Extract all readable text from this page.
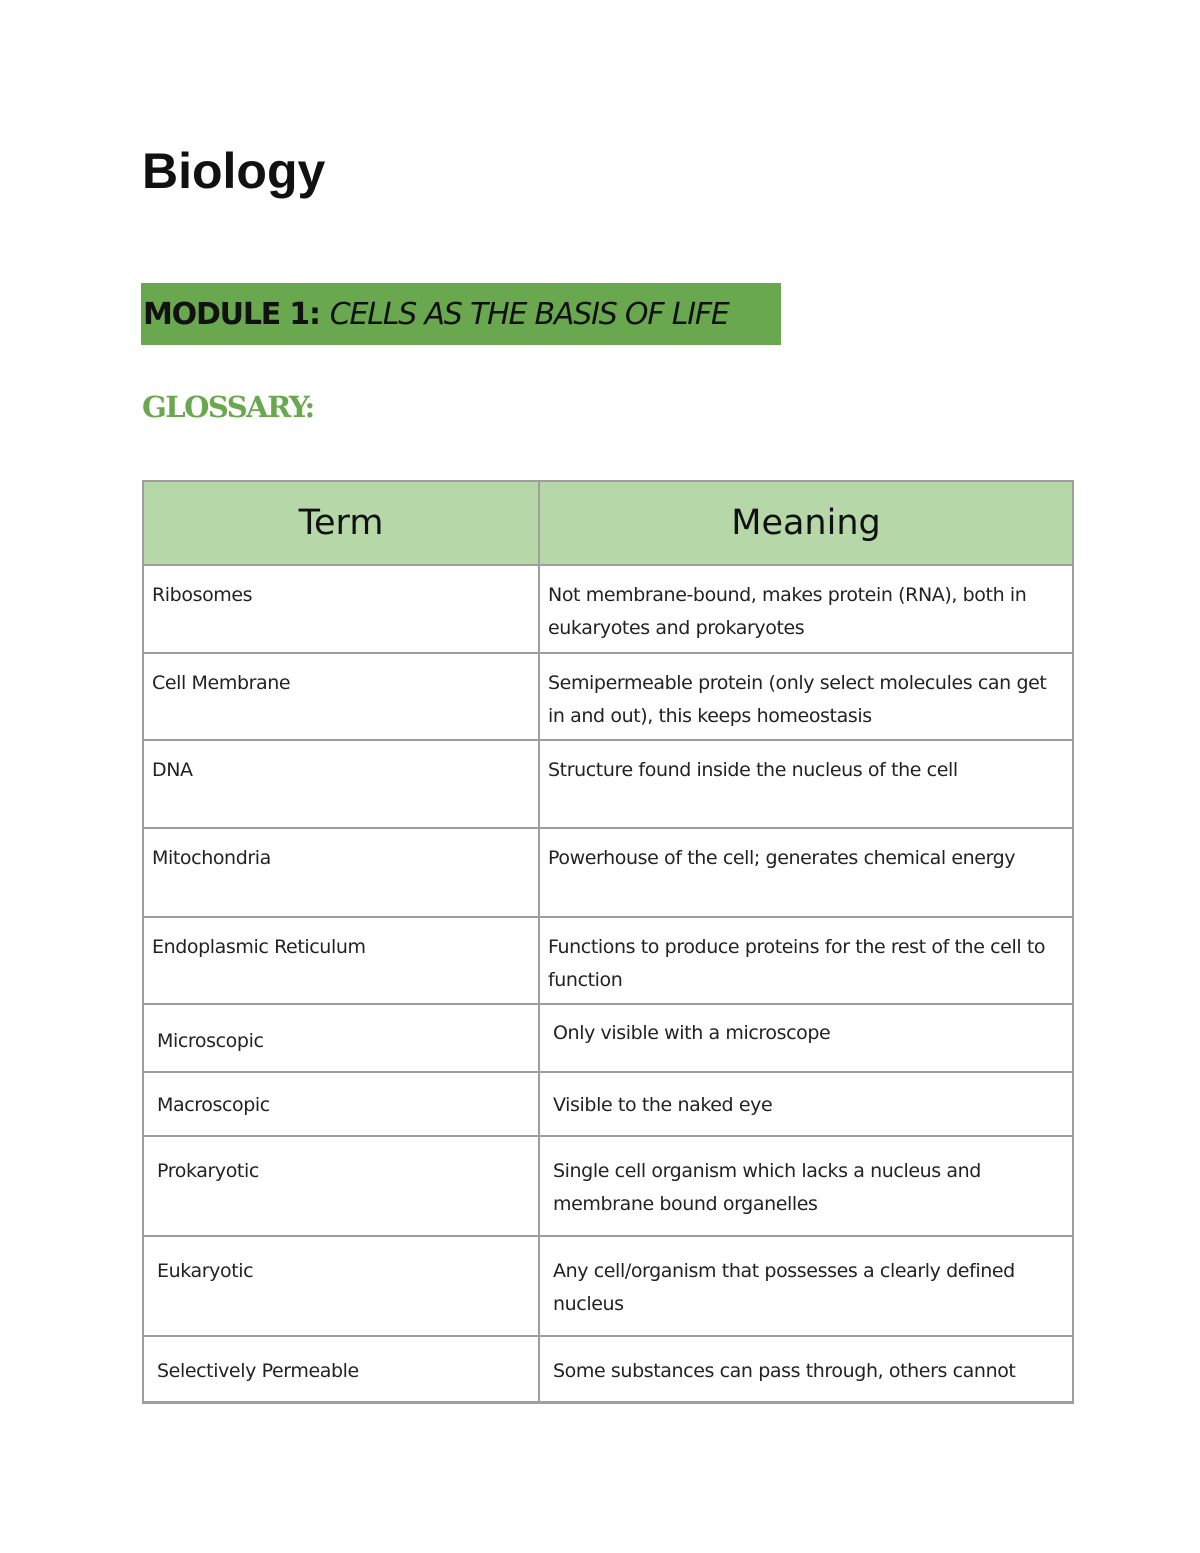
Biology
MODULE 1: CELLS AS THE BASIS OF LIFE
GLOSSARY:
Term	Meaning
Ribosomes	Not membrane-bound, makes protein (RNA), both in eukaryotes and prokaryotes
Cell Membrane	Semipermeable protein (only select molecules can get in and out), this keeps homeostasis
DNA	Structure found inside the nucleus of the cell
Mitochondria	Powerhouse of the cell; generates chemical energy
Endoplasmic Reticulum	Functions to produce proteins for the rest of the cell to function
Microscopic	Only visible with a microscope
Macroscopic	Visible to the naked eye
Prokaryotic	Single cell organism which lacks a nucleus and membrane bound organelles
Eukaryotic	Any cell/organism that possesses a clearly defined nucleus
Selectively Permeable	Some substances can pass through, others cannot
